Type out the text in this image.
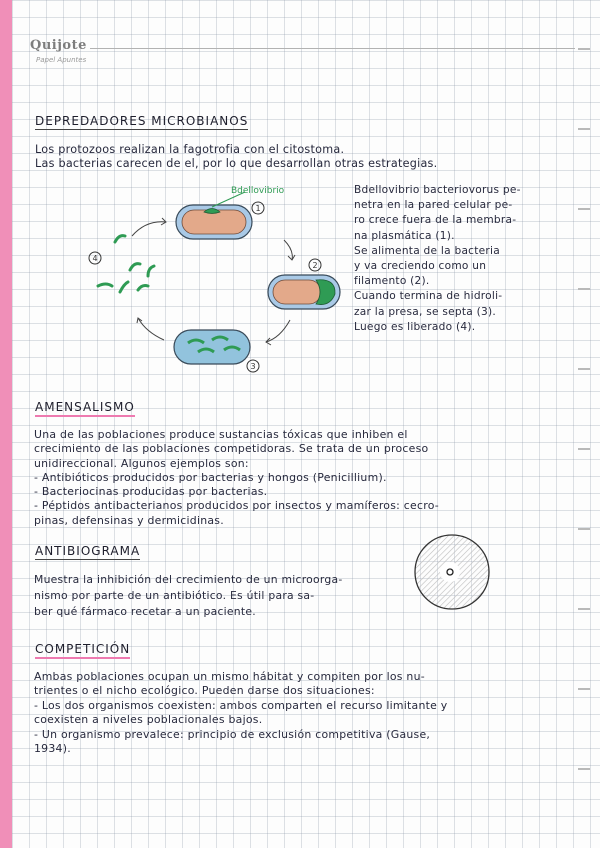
Quijote
Papel Apuntes
DEPREDADORES MICROBIANOS
Los protozoos realizan la fagotrofia con el citostoma.
Las bacterias carecen de el, por lo que desarrollan otras estrategias.
Bdellovibrio
1
2
3
4
Bdellovibrio bacteriovorus pe-
netra en la pared celular pe-
ro crece fuera de la membra-
na plasmática (1).
Se alimenta de la bacteria
y va creciendo como un
filamento (2).
Cuando termina de hidroli-
zar la presa, se septa (3).
Luego es liberado (4).
AMENSALISMO
Una de las poblaciones produce sustancias tóxicas que inhiben el
crecimiento de las poblaciones competidoras. Se trata de un proceso
unidireccional. Algunos ejemplos son:
- Antibióticos producidos por bacterias y hongos (Penicillium).
- Bacteriocinas producidas por bacterias.
- Péptidos antibacterianos producidos por insectos y mamíferos: cecro-
pinas, defensinas y dermicidinas.
ANTIBIOGRAMA
Muestra la inhibición del crecimiento de un microorga-
nismo por parte de un antibiótico. Es útil para sa-
ber qué fármaco recetar a un paciente.
COMPETICIÓN
Ambas poblaciones ocupan un mismo hábitat y compiten por los nu-
trientes o el nicho ecológico. Pueden darse dos situaciones:
- Los dos organismos coexisten: ambos comparten el recurso limitante y
coexisten a niveles poblacionales bajos.
- Un organismo prevalece: principio de exclusión competitiva (Gause,
1934).
